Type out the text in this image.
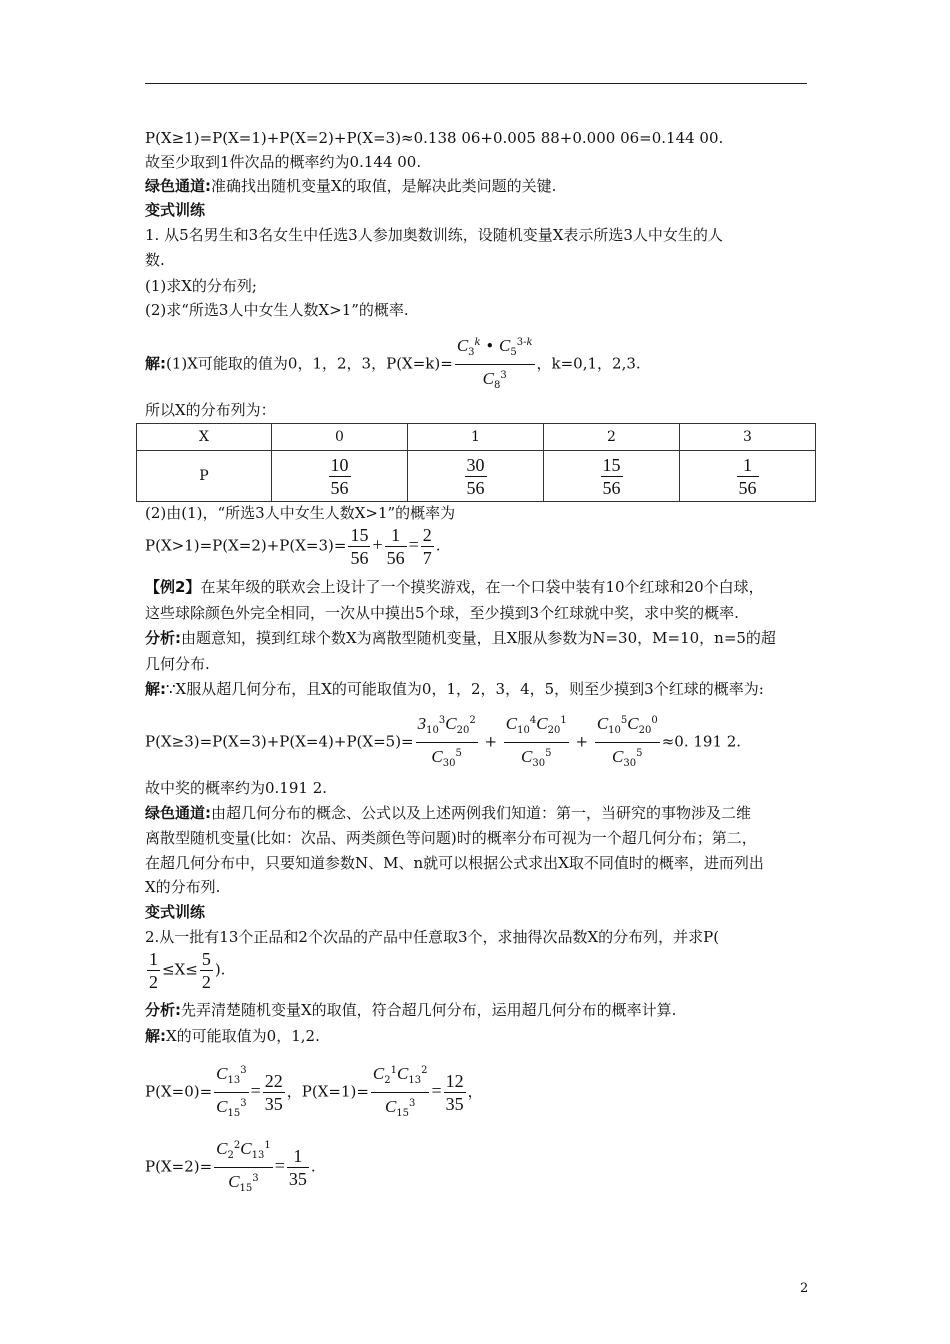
P(X≥1)=P(X=1)+P(X=2)+P(X=3)≈0.138 06+0.005 88+0.000 06=0.144 00.
故至少取到1件次品的概率约为0.144 00.
绿色通道:准确找出随机变量X的取值，是解决此类问题的关键.
变式训练
1. 从5名男生和3名女生中任选3人参加奥数训练，设随机变量X表示所选3人中女生的人
数.
(1)求X的分布列;
(2)求“所选3人中女生人数X>1”的概率.
解:(1)X可能取的值为0，1，2，3，$P(X=k)= \frac{C_3^k • C_5^{3-k}}{C_8^3}$ ，k=0,1，2,3.
所以X的分布列为：
X	0	1	2	3
P	$\frac{10}{56}$	$\frac{30}{56}$	$\frac{15}{56}$	$\frac{1}{56}$
(2)由(1)，“所选3人中女生人数X>1”的概率为
$P(X>1)=P(X=2)+P(X=3)= \frac{15}{56} + \frac{1}{56} = \frac{2}{7}$ .
【例2】在某年级的联欢会上设计了一个摸奖游戏，在一个口袋中装有10个红球和20个白球，
这些球除颜色外完全相同，一次从中摸出5个球，至少摸到3个红球就中奖，求中奖的概率.
分析:由题意知，摸到红球个数X为离散型随机变量，且X服从参数为N=30，M=10，n=5的超
几何分布.
解:∵X服从超几何分布，且X的可能取值为0，1，2，3，4，5，则至少摸到3个红球的概率为:
$P(X\ge 3)=P(X=3)+P(X=4)+P(X=5)= \frac{3_{10}^3C_{20}^2}{C_{30}^5} + \frac{C_{10}^4C_{20}^1}{C_{30}^5} + \frac{C_{10}^5C_{20}^0}{C_{30}^5} \approx 0$. 191 2.
故中奖的概率约为0.191 2.
绿色通道:由超几何分布的概念、公式以及上述两例我们知道：第一，当研究的事物涉及二维
离散型随机变量(比如：次品、两类颜色等问题)时的概率分布可视为一个超几何分布；第二，
在超几何分布中，只要知道参数N、M、n就可以根据公式求出X取不同值时的概率，进而列出
X的分布列.
变式训练
2.从一批有13个正品和2个次品的产品中任意取3个，求抽得次品数X的分布列，并求P(
$\frac{1}{2} \le X\le \frac{5}{2}$ ).
分析:先弄清楚随机变量X的取值，符合超几何分布，运用超几何分布的概率计算.
解:X的可能取值为0，1,2.
$P(X=0)= \frac{C_{13}^3}{C_{15}^3} = \frac{22}{35}$ ，$P(X=1)= \frac{C_2^1C_{13}^2}{C_{15}^3} = \frac{12}{35}$ ，
$P(X=2)= \frac{C_2^2C_{13}^1}{C_{15}^3} = \frac{1}{35}$ .
2
